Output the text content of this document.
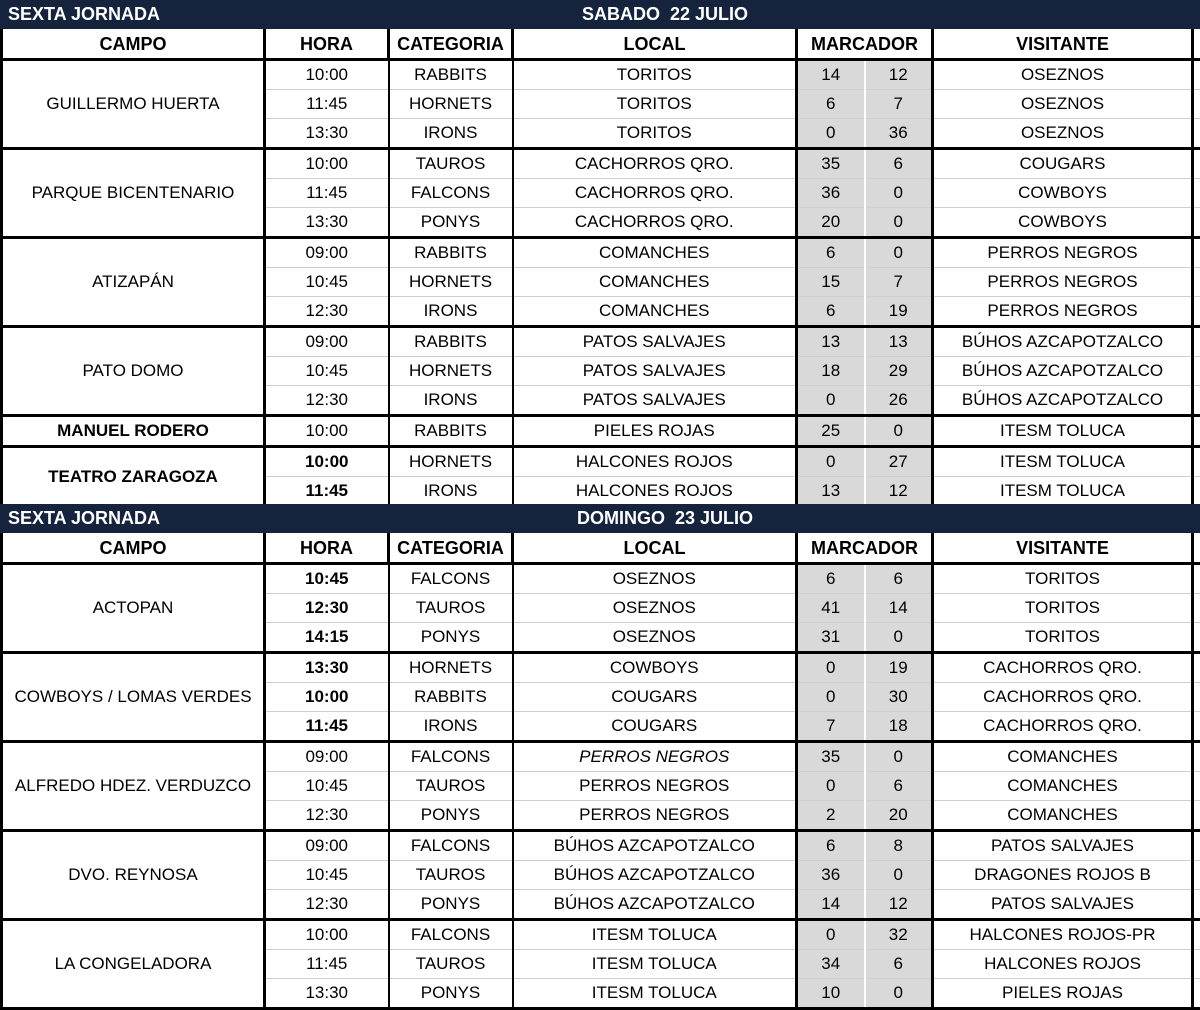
SEXTA JORNADA	SABADO  22 JULIO
CAMPO	HORA	CATEGORIA	LOCAL	MARCADOR		VISITANTE	
GUILLERMO HUERTA	10:00	RABBITS	TORITOS	14	12	OSEZNOS	
	11:45	HORNETS	TORITOS	6	7	OSEZNOS	
	13:30	IRONS	TORITOS	0	36	OSEZNOS	
PARQUE BICENTENARIO	10:00	TAUROS	CACHORROS QRO.	35	6	COUGARS	
	11:45	FALCONS	CACHORROS QRO.	36	0	COWBOYS	
	13:30	PONYS	CACHORROS QRO.	20	0	COWBOYS	
ATIZAPÁN	09:00	RABBITS	COMANCHES	6	0	PERROS NEGROS	
	10:45	HORNETS	COMANCHES	15	7	PERROS NEGROS	
	12:30	IRONS	COMANCHES	6	19	PERROS NEGROS	
PATO DOMO	09:00	RABBITS	PATOS SALVAJES	13	13	BÚHOS AZCAPOTZALCO	
	10:45	HORNETS	PATOS SALVAJES	18	29	BÚHOS AZCAPOTZALCO	
	12:30	IRONS	PATOS SALVAJES	0	26	BÚHOS AZCAPOTZALCO	
MANUEL RODERO	10:00	RABBITS	PIELES ROJAS	25	0	ITESM TOLUCA	
TEATRO ZARAGOZA	10:00	HORNETS	HALCONES ROJOS	0	27	ITESM TOLUCA	
	11:45	IRONS	HALCONES ROJOS	13	12	ITESM TOLUCA	
SEXTA JORNADA	DOMINGO  23 JULIO
CAMPO	HORA	CATEGORIA	LOCAL	MARCADOR		VISITANTE	
ACTOPAN	10:45	FALCONS	OSEZNOS	6	6	TORITOS	
	12:30	TAUROS	OSEZNOS	41	14	TORITOS	
	14:15	PONYS	OSEZNOS	31	0	TORITOS	
COWBOYS / LOMAS VERDES	13:30	HORNETS	COWBOYS	0	19	CACHORROS QRO.	
	10:00	RABBITS	COUGARS	0	30	CACHORROS QRO.	
	11:45	IRONS	COUGARS	7	18	CACHORROS QRO.	
ALFREDO HDEZ. VERDUZCO	09:00	FALCONS	PERROS NEGROS	35	0	COMANCHES	
	10:45	TAUROS	PERROS NEGROS	0	6	COMANCHES	
	12:30	PONYS	PERROS NEGROS	2	20	COMANCHES	
DVO. REYNOSA	09:00	FALCONS	BÚHOS AZCAPOTZALCO	6	8	PATOS SALVAJES	
	10:45	TAUROS	BÚHOS AZCAPOTZALCO	36	0	DRAGONES ROJOS B	
	12:30	PONYS	BÚHOS AZCAPOTZALCO	14	12	PATOS SALVAJES	
LA CONGELADORA	10:00	FALCONS	ITESM TOLUCA	0	32	HALCONES ROJOS-PR	
	11:45	TAUROS	ITESM TOLUCA	34	6	HALCONES ROJOS	
	13:30	PONYS	ITESM TOLUCA	10	0	PIELES ROJAS	
